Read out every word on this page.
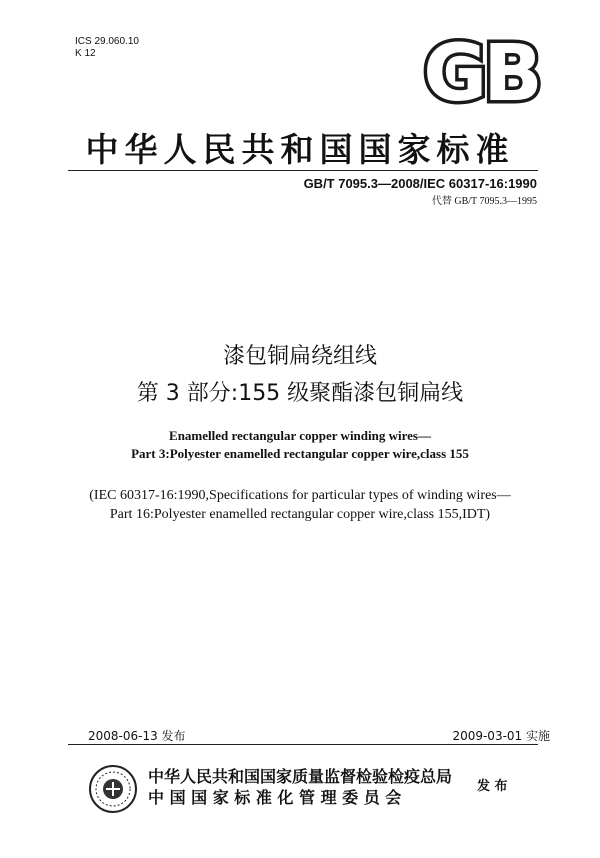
ICS 29.060.10
K 12	GB
中华人民共和国国家标准
GB/T 7095.3—2008/IEC 60317-16:1990
代替 GB/T 7095.3—1995
漆包铜扁绕组线
第 3 部分:155 级聚酯漆包铜扁线
Enamelled rectangular copper winding wires—
Part 3:Polyester enamelled rectangular copper wire,class 155
(IEC 60317-16:1990,Specifications for particular types of winding wires—
Part 16:Polyester enamelled rectangular copper wire,class 155,IDT)
2008-06-13 发布	2009-03-01 实施
中华人民共和国国家质量监督检验检疫总局
中 国 国 家 标 准 化 管 理 委 员 会
发 布
